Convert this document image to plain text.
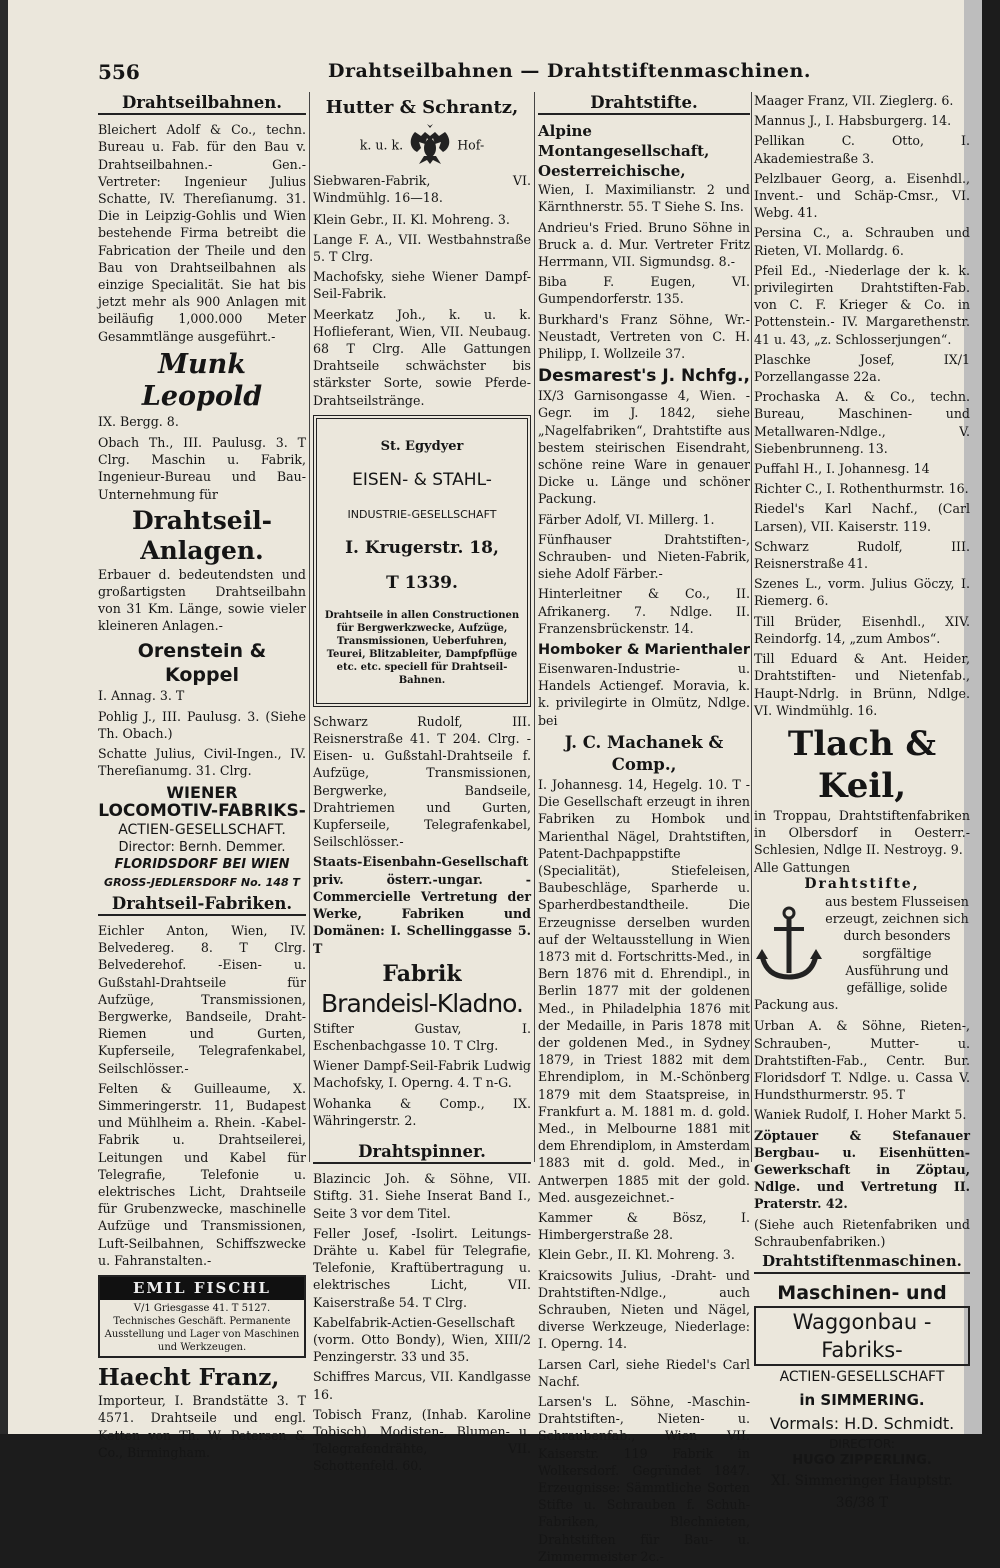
556	Drahtseilbahnen — Drahtstiftenmaschinen.
Drahtseilbahnen.

Bleichert Adolf & Co., techn. Bureau u. Fab. für den Bau v. Drahtseilbahnen.- Gen.- Vertreter: Ingenieur Julius Schatte, IV. Thereſianumg. 31. Die in Leipzig-Gohlis und Wien bestehende Firma betreibt die Fabrication der Theile und den Bau von Drahtseilbahnen als einzige Specialität. Sie hat bis jetzt mehr als 900 Anlagen mit beiläufig 1,000.000 Meter Gesammtlänge ausgeführt.-

Munk Leopold

IX. Bergg. 8.

Obach Th., III. Paulusg. 3. T Clrg. Maschin u. Fabrik, Ingenieur-Bureau und Bau-Unternehmung für

Drahtseil-Anlagen.

Erbauer d. bedeutendsten und großartigsten Drahtseilbahn von 31 Km. Länge, sowie vieler kleineren Anlagen.-

Orenstein & Koppel

I. Annag. 3. T

Pohlig J., III. Paulusg. 3. (Siehe Th. Obach.)

Schatte Julius, Civil-Ingen., IV. Thereſianumg. 31. Clrg.

WIENER

LOCOMOTIV-FABRIKS-

ACTIEN-GESELLSCHAFT.

Director: Bernh. Demmer.

FLORIDSDORF BEI WIEN

GROSS-JEDLERSDORF No. 148 T

Drahtseil-Fabriken.

Eichler Anton, Wien, IV. Belvedereg. 8. T Clrg. Belvederehof. -Eisen- u. Gußstahl-Drahtseile für Aufzüge, Transmissionen, Bergwerke, Bandseile, Draht-Riemen und Gurten, Kupferseile, Telegrafenkabel, Seilschlösser.-

Felten & Guilleaume, X. Simmeringerstr. 11, Budapest und Mühlheim a. Rhein. -Kabel-Fabrik u. Drahtseilerei, Leitungen und Kabel für Telegrafie, Telefonie u. elektrisches Licht, Drahtseile für Grubenzwecke, maschinelle Aufzüge und Transmissionen, Luft-Seilbahnen, Schiffszwecke u. Fahranstalten.-

EMIL FISCHL

V/1 Griesgasse 41. T 5127. Technisches Geschäft. Permanente Ausstellung und Lager von Maschinen und Werkzeugen.

Haecht Franz,

Importeur, I. Brandstätte 3. T 4571. Drahtseile und engl. Ketten von Th. W. Petersen & Co., Birmingham.

Hutter & Schrantz,

k. u. k.	Hof-

Siebwaren-Fabrik, VI. Windmühlg. 16—18.

Klein Gebr., II. Kl. Mohreng. 3.

Lange F. A., VII. Westbahnstraße 5. T Clrg.

Machofsky, siehe Wiener Dampf-Seil-Fabrik.

Meerkatz Joh., k. u. k. Hoflieferant, Wien, VII. Neubaug. 68 T Clrg. Alle Gattungen Drahtseile schwächster bis stärkster Sorte, sowie Pferde-Drahtseilstränge.

St. Egydyer

EISEN- & STAHL-

INDUSTRIE-GESELLSCHAFT

I. Krugerstr. 18,

T 1339.

Drahtseile in allen Constructionen für Bergwerkzwecke, Aufzüge, Transmissionen, Ueberfuhren, Teurei, Blitzableiter, Dampfpflüge etc. etc. speciell für Drahtseil-Bahnen.

Schwarz Rudolf, III. Reisnerstraße 41. T 204. Clrg. -Eisen- u. Gußstahl-Drahtseile f. Aufzüge, Transmissionen, Bergwerke, Bandseile, Drahtriemen und Gurten, Kupferseile, Telegrafenkabel, Seilschlösser.-

Staats-Eisenbahn-Gesellschaft priv. österr.-ungar. -Commercielle Vertretung der Werke, Fabriken und Domänen: I. Schellinggasse 5. T

Fabrik

Brandeisl-Kladno.

Stifter Gustav, I. Eschenbachgasse 10. T Clrg.

Wiener Dampf-Seil-Fabrik Ludwig Machofsky, I. Operng. 4. T n-G.

Wohanka & Comp., IX. Währingerstr. 2.

Drahtspinner.

Blazincic Joh. & Söhne, VII. Stiftg. 31. Siehe Inserat Band I., Seite 3 vor dem Titel.

Feller Josef, -Isolirt. Leitungs-Drähte u. Kabel für Telegrafie, Telefonie, Kraftübertragung u. elektrisches Licht, VII. Kaiserstraße 54. T Clrg.

Kabelfabrik-Actien-Gesellschaft (vorm. Otto Bondy), Wien, XIII/2 Penzingerstr. 33 und 35.

Schiffres Marcus, VII. Kandlgasse 16.

Tobisch Franz, (Inhab. Karoline Tobisch), Modisten-, Blumen- u. Telegrafendrähte, VII. Schottenfeld. 60.

Drahtstifte.

Alpine Montangesellschaft,

Oesterreichische,

Wien, I. Maximilianstr. 2 und Kärnthnerstr. 55. T Siehe S. Ins.

Andrieu's Fried. Bruno Söhne in Bruck a. d. Mur. Vertreter Fritz Herrmann, VII. Sigmundsg. 8.-

Biba F. Eugen, VI. Gumpendorferstr. 135.

Burkhard's Franz Söhne, Wr.-Neustadt, Vertreten von C. H. Philipp, I. Wollzeile 37.

Desmarest's J. Nchfg.,

IX/3 Garnisongasse 4, Wien. -Gegr. im J. 1842, siehe „Nagelfabriken“, Drahtstifte aus bestem steirischen Eisendraht, schöne reine Ware in genauer Dicke u. Länge und schöner Packung.

Färber Adolf, VI. Millerg. 1.

Fünfhauser Drahtstiften-, Schrauben- und Nieten-Fabrik, siehe Adolf Färber.-

Hinterleitner & Co., II. Afrikanerg. 7. Ndlge. II. Franzensbrückenstr. 14.

Homboker & Marienthaler

Eisenwaren-Industrie- u. Handels Actiengef. Moravia, k. k. privilegirte in Olmütz, Ndlge. bei

J. C. Machanek & Comp.,

I. Johannesg. 14, Hegelg. 10. T -Die Gesellschaft erzeugt in ihren Fabriken zu Hombok und Marienthal Nägel, Drahtstiften, Patent-Dachpappstifte (Specialität), Stiefeleisen, Baubeschläge, Sparherde u. Sparherdbestandtheile. Die Erzeugnisse derselben wurden auf der Weltausstellung in Wien 1873 mit d. Fortschritts-Med., in Bern 1876 mit d. Ehrendipl., in Berlin 1877 mit der goldenen Med., in Philadelphia 1876 mit der Medaille, in Paris 1878 mit der goldenen Med., in Sydney 1879, in Triest 1882 mit dem Ehrendiplom, in M.-Schönberg 1879 mit dem Staatspreise, in Frankfurt a. M. 1881 m. d. gold. Med., in Melbourne 1881 mit dem Ehrendiplom, in Amsterdam 1883 mit d. gold. Med., in Antwerpen 1885 mit der gold. Med. ausgezeichnet.-

Kammer & Bösz, I. Himbergerstraße 28.

Klein Gebr., II. Kl. Mohreng. 3.

Kraicsowits Julius, -Draht- und Drahtstiften-Ndlge., auch Schrauben, Nieten und Nägel, diverse Werkzeuge, Niederlage: I. Operng. 14.

Larsen Carl, siehe Riedel's Carl Nachf.

Larsen's L. Söhne, -Maschin-Drahtstiften-, Nieten- u. Schraubenfab., Wien VII. Kaiserstr. 119 Fabrik in Wolkersdorf. Gegründet 1847. Erzeugnisse: Sämmtliche Sorten Stifte u. Schrauben f. Schuh-Fabriken, Blechnieten, Drahtstiften für Bau- u. Zimmermeister 2c.-

Maager Franz, VII. Zieglerg. 6.

Mannus J., I. Habsburgerg. 14.

Pellikan C. Otto, I. Akademiestraße 3.

Pelzlbauer Georg, a. Eisenhdl., Invent.- und Schäp-Cmsr., VI. Webg. 41.

Persina C., a. Schrauben und Rieten, VI. Mollardg. 6.

Pfeil Ed., -Niederlage der k. k. privilegirten Drahtstiften-Fab. von C. F. Krieger & Co. in Pottenstein.- IV. Margarethenstr. 41 u. 43, „z. Schlosserjungen“.

Plaschke Josef, IX/1 Porzellangasse 22a.

Prochaska A. & Co., techn. Bureau, Maschinen- und Metallwaren-Ndlge., V. Siebenbrunneng. 13.

Puffahl H., I. Johannesg. 14

Richter C., I. Rothenthurmstr. 16.

Riedel's Karl Nachf., (Carl Larsen), VII. Kaiserstr. 119.

Schwarz Rudolf, III. Reisnerstraße 41.

Szenes L., vorm. Julius Göczy, I. Riemerg. 6.

Till Brüder, Eisenhdl., XIV. Reindorfg. 14, „zum Ambos“.

Till Eduard & Ant. Heider, Drahtstiften- und Nietenfab., Haupt-Ndrlg. in Brünn, Ndlge. VI. Windmühlg. 16.

Tlach & Keil,

in Troppau, Drahtstiftenfabriken in Olbersdorf in Oesterr.-Schlesien, Ndlge II. Nestroyg. 9.

Alle Gattungen

Drahtstifte,

aus bestem Flusseisen erzeugt, zeichnen sich durch besonders sorgfältige Ausführung und gefällige, solide

Packung aus.

Urban A. & Söhne, Rieten-, Schrauben-, Mutter- u. Drahtstiften-Fab., Centr. Bur. Floridsdorf T. Ndlge. u. Cassa V. Hundsthurmerstr. 95. T

Waniek Rudolf, I. Hoher Markt 5.

Zöptauer & Stefanauer Bergbau- u. Eisenhütten-Gewerkschaft in Zöptau, Ndlge. und Vertretung II. Praterstr. 42.

(Siehe auch Rietenfabriken und Schraubenfabriken.)

Drahtstiftenmaschinen.

Maschinen- und

Waggonbau - Fabriks-

ACTIEN-GESELLSCHAFT

in SIMMERING.

Vormals: H.D. Schmidt.

DIRECTOR:

HUGO ZIPPERLING.

XI. Simmeringer Hauptstr. 36/38 T
